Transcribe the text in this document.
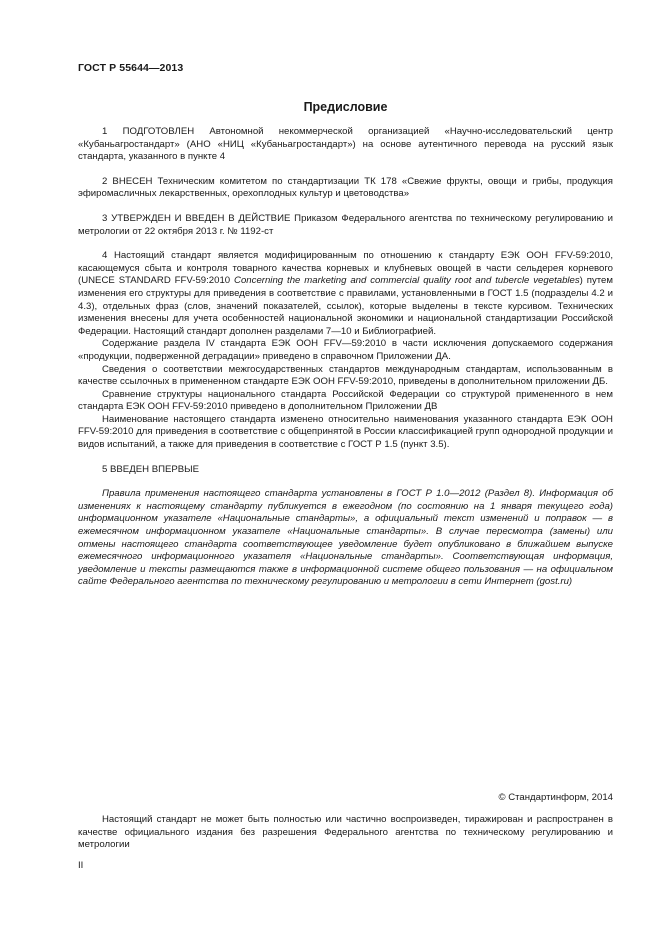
ГОСТ Р 55644—2013
Предисловие

1 ПОДГОТОВЛЕН Автономной некоммерческой организацией «Научно-исследовательский центр «Кубаньагростандарт» (АНО «НИЦ «Кубаньагростандарт») на основе аутентичного перевода на русский язык стандарта, указанного в пункте 4

2 ВНЕСЕН Техническим комитетом по стандартизации ТК 178 «Свежие фрукты, овощи и грибы, продукция эфиромасличных лекарственных, орехоплодных культур и цветоводства»

3 УТВЕРЖДЕН И ВВЕДЕН В ДЕЙСТВИЕ Приказом Федерального агентства по техническому регулированию и метрологии от 22 октября 2013 г. № 1192-ст

4 Настоящий стандарт является модифицированным по отношению к стандарту ЕЭК ООН FFV-59:2010, касающемуся сбыта и контроля товарного качества корневых и клубневых овощей в части сельдерея корневого (UNECE STANDARD FFV-59:2010 Concerning the marketing and commercial quality root and tubercle vegetables) путем изменения его структуры для приведения в соответствие с правилами, установленными в ГОСТ 1.5 (подразделы 4.2 и 4.3), отдельных фраз (слов, значений показателей, ссылок), которые выделены в тексте курсивом. Технических изменения внесены для учета особенностей национальной экономики и национальной стандартизации Российской Федерации. Настоящий стандарт дополнен разделами 7—10 и Библиографией.

Содержание раздела IV стандарта ЕЭК ООН FFV—59:2010 в части исключения допускаемого содержания «продукции, подверженной деградации» приведено в справочном Приложении ДА.

Сведения о соответствии межгосударственных стандартов международным стандартам, использованным в качестве ссылочных в примененном стандарте ЕЭК ООН FFV-59:2010, приведены в дополнительном приложении ДБ.

Сравнение структуры национального стандарта Российской Федерации со структурой примененного в нем стандарта ЕЭК ООН FFV-59:2010 приведено в дополнительном Приложении ДВ

Наименование настоящего стандарта изменено относительно наименования указанного стандарта ЕЭК ООН FFV-59:2010 для приведения в соответствие с общепринятой в России классификацией групп однородной продукции и видов испытаний, а также для приведения в соответствие с ГОСТ Р 1.5 (пункт 3.5).

5 ВВЕДЕН ВПЕРВЫЕ

Правила применения настоящего стандарта установлены в ГОСТ Р 1.0—2012 (Раздел 8). Информация об изменениях к настоящему стандарту публикуется в ежегодном (по состоянию на 1 января текущего года) информационном указателе «Национальные стандарты», а официальный текст изменений и поправок — в ежемесячном информационном указателе «Национальные стандарты». В случае пересмотра (замены) или отмены настоящего стандарта соответствующее уведомление будет опубликовано в ближайшем выпуске ежемесячного информационного указателя «Национальные стандарты». Соответствующая информация, уведомление и тексты размещаются также в информационной системе общего пользования — на официальном сайте Федерального агентства по техническому регулированию и метрологии в сети Интернет (gost.ru)

© Стандартинформ, 2014
Настоящий стандарт не может быть полностью или частично воспроизведен, тиражирован и распространен в качестве официального издания без разрешения Федерального агентства по техническому регулированию и метрологии
II
